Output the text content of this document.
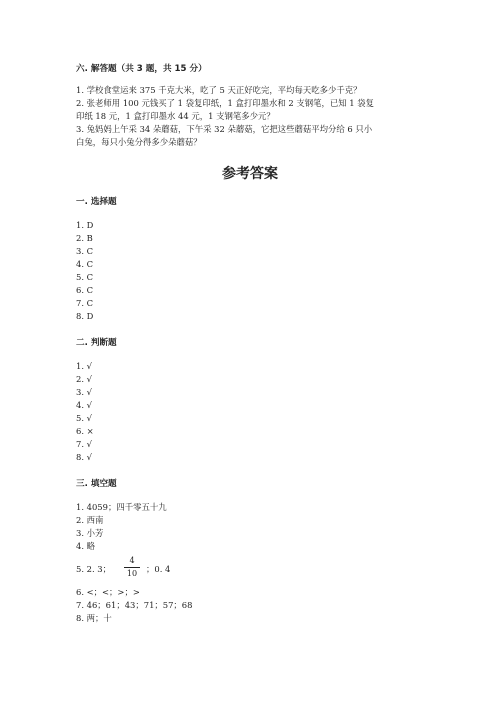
六. 解答题（共 3 题，共 15 分）
1. 学校食堂运来 375 千克大米，吃了 5 天正好吃完，平均每天吃多少千克？
2. 张老师用 100 元钱买了 1 袋复印纸，1 盒打印墨水和 2 支钢笔，已知 1 袋复
印纸 18 元，1 盒打印墨水 44 元，1 支钢笔多少元？
3. 兔妈妈上午采 34 朵蘑菇，下午采 32 朵蘑菇，它把这些蘑菇平均分给 6 只小
白兔，每只小兔分得多少朵蘑菇？
参考答案
一. 选择题
1. D
2. B
3. C
4. C
5. C
6. C
7. C
8. D
二. 判断题
1. √
2. √
3. √
4. √
5. √
6. ×
7. √
8. √
三. 填空题
1. 4059；四千零五十九
2. 西南
3. 小芳
4. 略
5. 2. 3；
4
10	；0. 4
6. <；<；>；>
7. 46；61；43；71；57；68
8. 两；十
